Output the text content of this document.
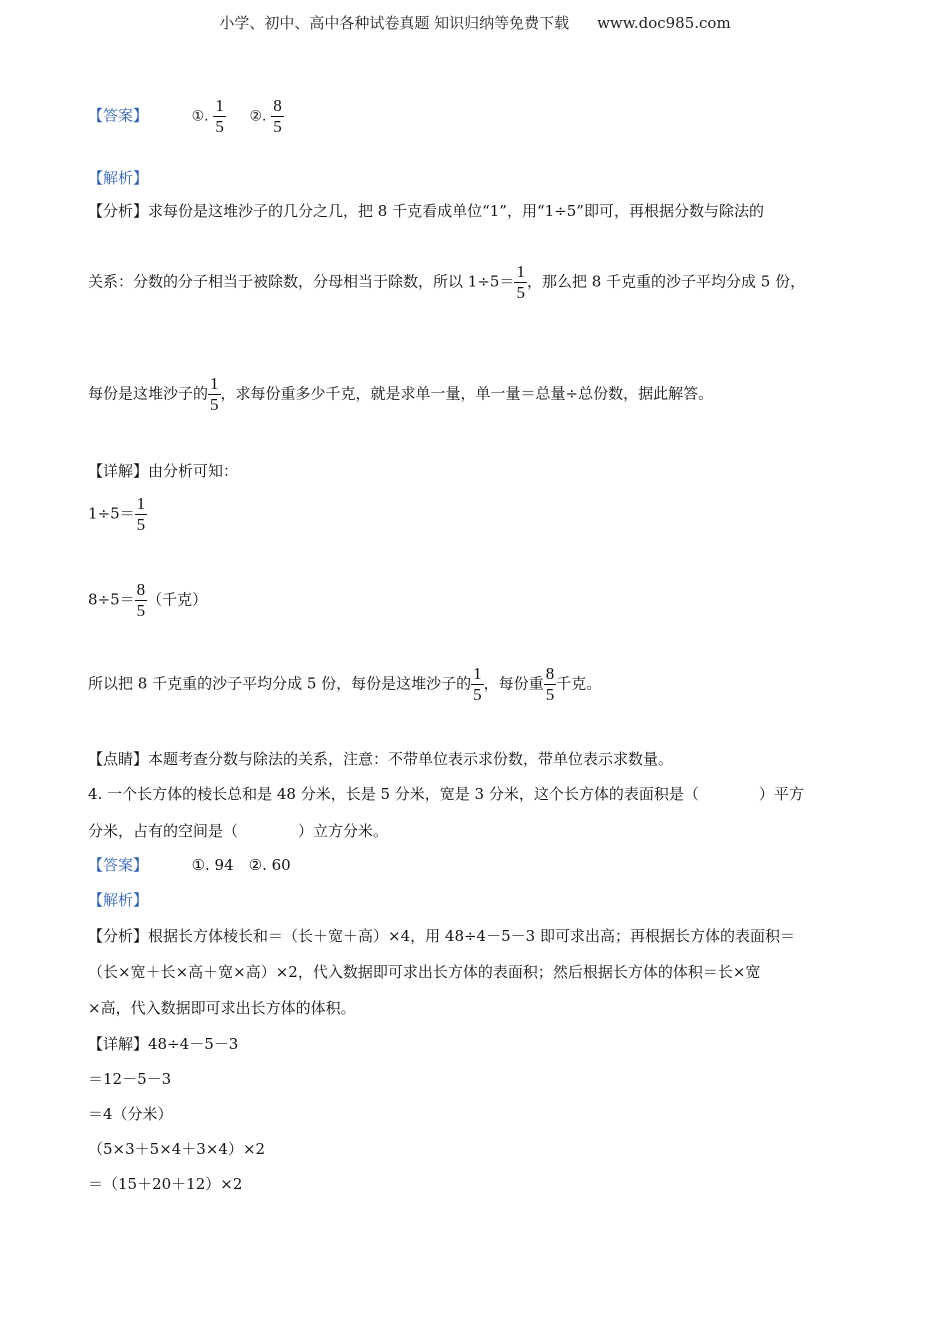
小学、初中、高中各种试卷真题 知识归纳等免费下载 www.doc985.com
【答案】	①. $\frac{1}{5}$ ②. $\frac{8}{5}$
【解析】
【分析】求每份是这堆沙子的几分之几，把 8 千克看成单位“1”，用“1÷5”即可，再根据分数与除法的
关系：分数的分子相当于被除数，分母相当于除数，所以 $1\div 5= \frac{1}{5}$ ，那么把 8 千克重的沙子平均分成 5 份，
每份是这堆沙子的 $\frac{1}{5}$ ，求每份重多少千克，就是求单一量，单一量＝总量÷总份数，据此解答。
【详解】由分析可知：
$1\div 5= \frac{1}{5}$
$8\div 5= \frac{8}{5}$ （千克）
所以把 8 千克重的沙子平均分成 5 份，每份是这堆沙子的 $\frac{1}{5}$ ，每份重 $\frac{8}{5}$ 千克。
【点睛】本题考查分数与除法的关系，注意：不带单位表示求份数，带单位表示求数量。
4. 一个长方体的棱长总和是 48 分米，长是 5 分米，宽是 3 分米，这个长方体的表面积是（　　　　）平方
分米，占有的空间是（　　　　）立方分米。
【答案】	①. 94　②. 60
【解析】
【分析】根据长方体棱长和＝（长＋宽＋高）×4，用 48÷4－5－3 即可求出高；再根据长方体的表面积＝
（长×宽＋长×高＋宽×高）×2，代入数据即可求出长方体的表面积；然后根据长方体的体积＝长×宽
×高，代入数据即可求出长方体的体积。
【详解】48÷4－5－3
＝12－5－3
＝4（分米）
（5×3＋5×4＋3×4）×2
＝（15＋20＋12）×2
